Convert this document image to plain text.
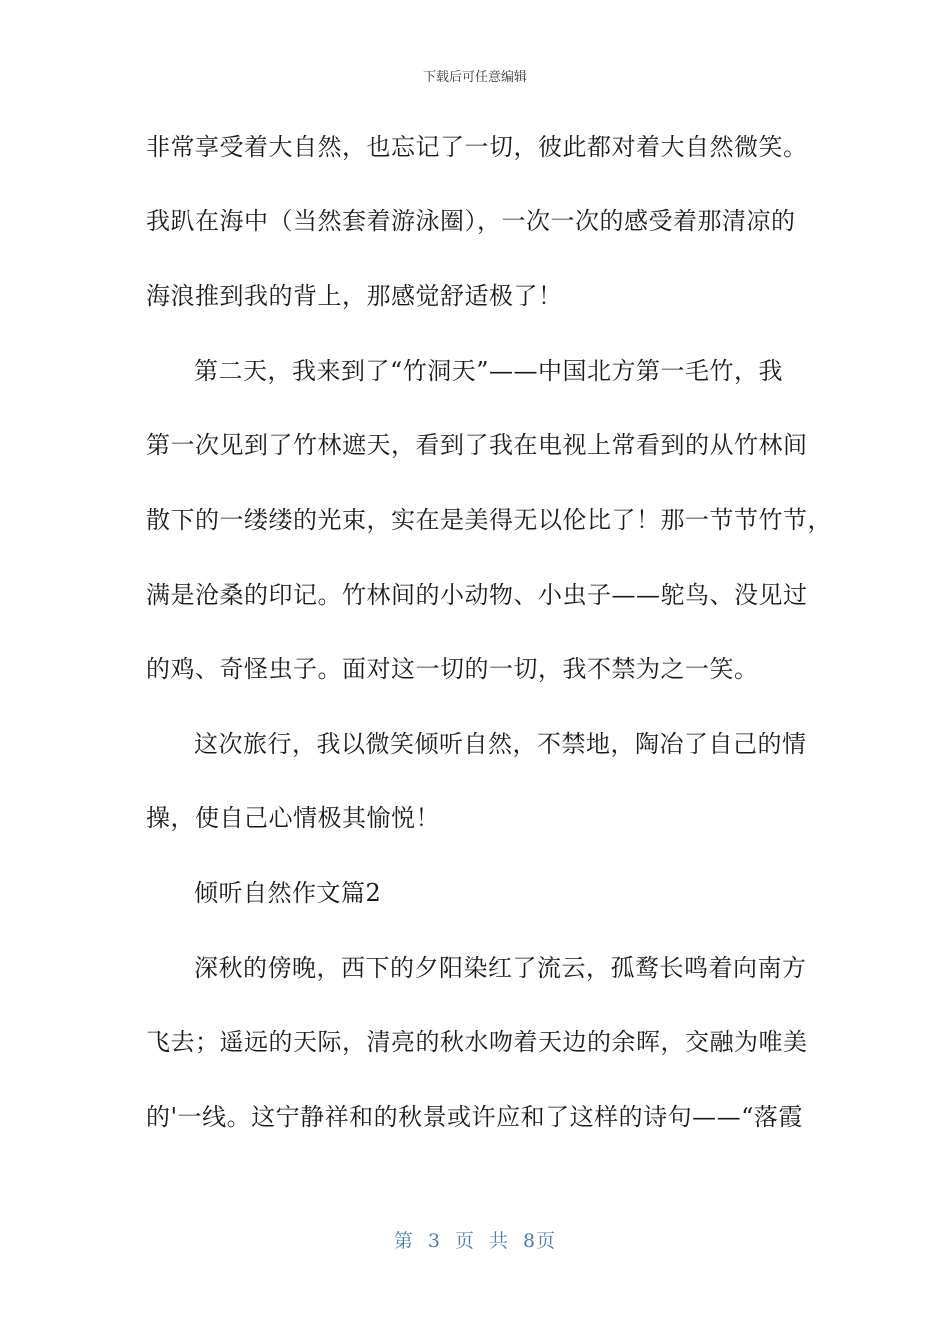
下载后可任意编辑
非常享受着大自然，也忘记了一切，彼此都对着大自然微笑。
我趴在海中（当然套着游泳圈），一次一次的感受着那清凉的
海浪推到我的背上，那感觉舒适极了！
第二天，我来到了“竹洞天”——中国北方第一毛竹，我
第一次见到了竹林遮天，看到了我在电视上常看到的从竹林间
散下的一缕缕的光束，实在是美得无以伦比了！那一节节竹节，
满是沧桑的印记。竹林间的小动物、小虫子——鸵鸟、没见过
的鸡、奇怪虫子。面对这一切的一切，我不禁为之一笑。
这次旅行，我以微笑倾听自然，不禁地，陶冶了自己的情
操，使自己心情极其愉悦！
倾听自然作文篇2
深秋的傍晚，西下的夕阳染红了流云，孤鹜长鸣着向南方
飞去；遥远的天际，清亮的秋水吻着天边的余晖，交融为唯美
的'一线。这宁静祥和的秋景或许应和了这样的诗句——“落霞
第 3 页 共 8页
